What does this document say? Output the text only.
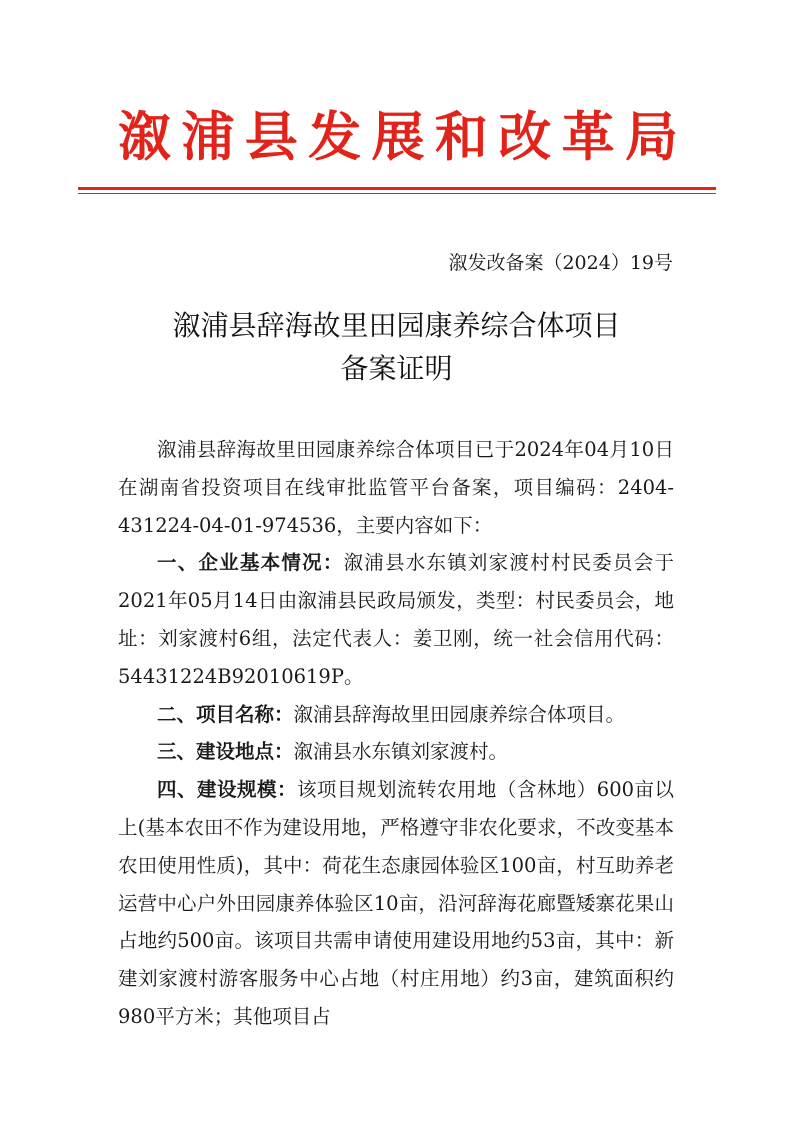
溆浦县发展和改革局
溆发改备案（2024）19号
溆浦县辞海故里田园康养综合体项目
备案证明

溆浦县辞海故里田园康养综合体项目已于2024年04月10日在湖南省投资项目在线审批监管平台备案，项目编码：2404-431224-04-01-974536，主要内容如下：

一、企业基本情况：溆浦县水东镇刘家渡村村民委员会于2021年05月14日由溆浦县民政局颁发，类型：村民委员会，地址：刘家渡村6组，法定代表人：姜卫刚，统一社会信用代码：54431224B92010619P。

二、项目名称：溆浦县辞海故里田园康养综合体项目。

三、建设地点：溆浦县水东镇刘家渡村。

四、建设规模：该项目规划流转农用地（含林地）600亩以上(基本农田不作为建设用地，严格遵守非农化要求，不改变基本农田使用性质)，其中：荷花生态康园体验区100亩，村互助养老运营中心户外田园康养体验区10亩，沿河辞海花廊暨矮寨花果山占地约500亩。该项目共需申请使用建设用地约53亩，其中：新建刘家渡村游客服务中心占地（村庄用地）约3亩，建筑面积约980平方米；其他项目占
